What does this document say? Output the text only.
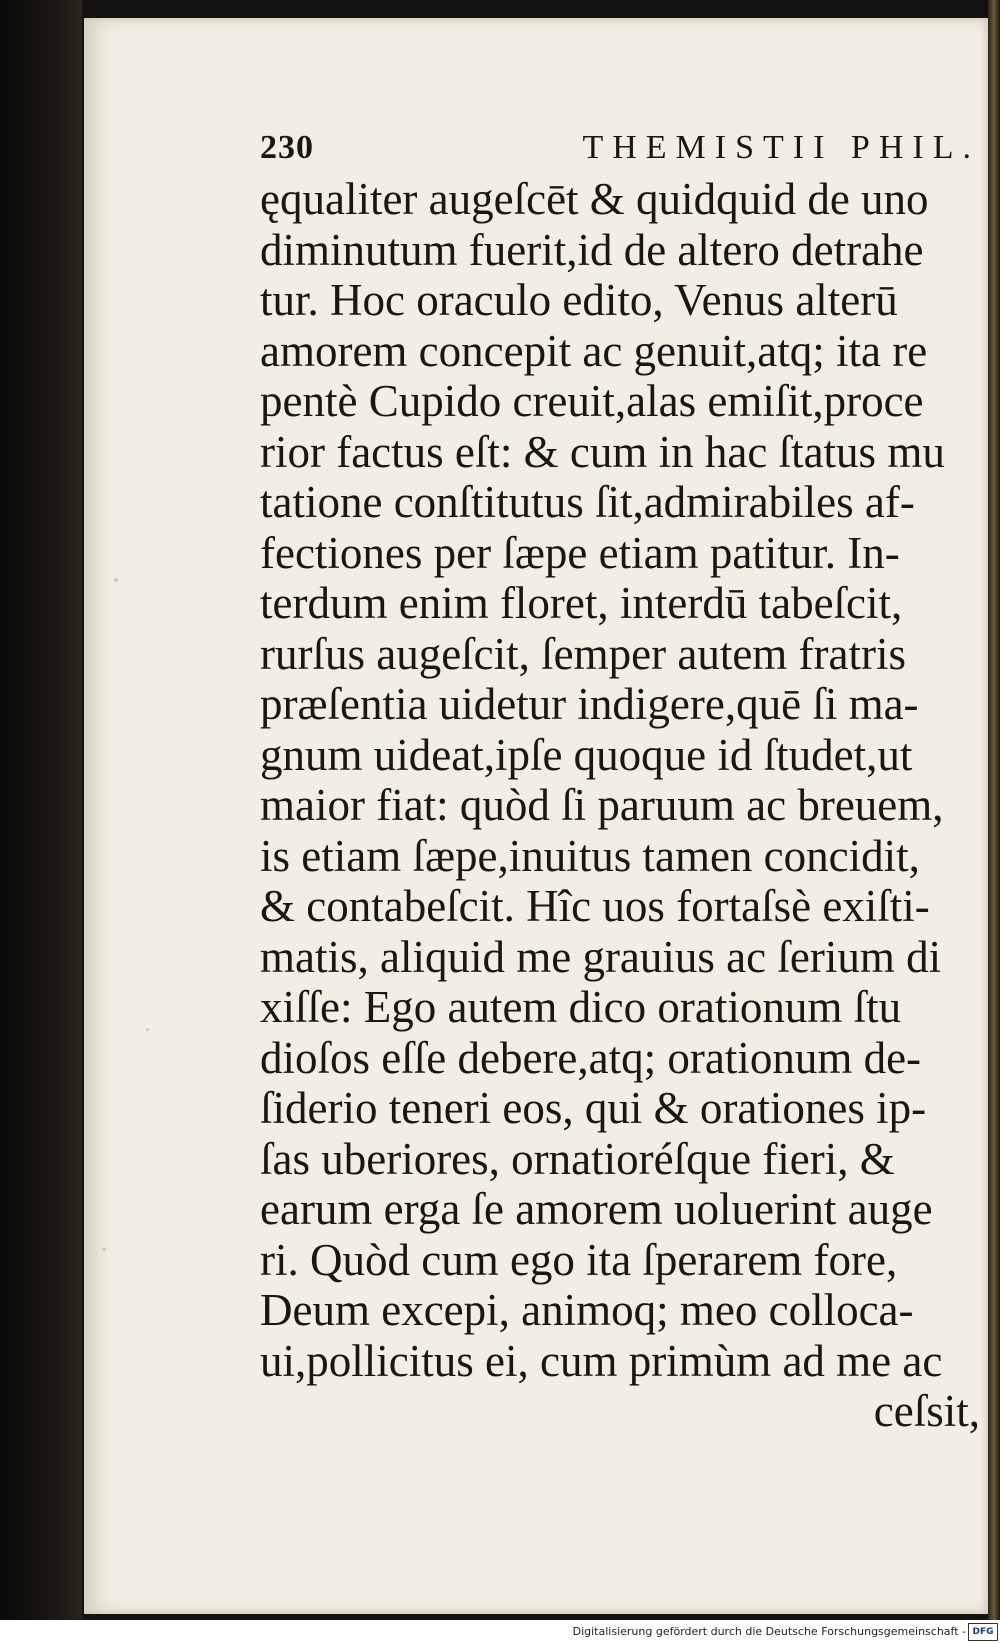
230	THEMISTII PHIL.
ęqualiter augeſcēt & quidquid de uno
diminutum fuerit,id de altero detrahe
tur. Hoc oraculo edito, Venus alterū
amorem concepit ac genuit,atq; ita re
pentè Cupido creuit,alas emiſit,proce
rior factus eſt: & cum in hac ſtatus mu
tatione conſtitutus ſit,admirabiles af-
fectiones per ſæpe etiam patitur. In-
terdum enim floret, interdū tabeſcit,
rurſus augeſcit, ſemper autem fratris
præſentia uidetur indigere,quē ſi ma-
gnum uideat,ipſe quoque id ſtudet,ut
maior fiat: quòd ſi paruum ac breuem,
is etiam ſæpe,inuitus tamen concidit,
& contabeſcit. Hîc uos fortaſsè exiſti-
matis, aliquid me grauius ac ſerium di
xiſſe: Ego autem dico orationum ſtu
dioſos eſſe debere,atq; orationum de-
ſiderio teneri eos, qui & orationes ip-
ſas uberiores, ornatioréſque fieri, &
earum erga ſe amorem uoluerint auge
ri. Quòd cum ego ita ſperarem fore,
Deum excepi, animoq; meo colloca-
ui,pollicitus ei, cum primùm ad me ac
ceſsit,
Digitalisierung gefördert durch die Deutsche Forschungsgemeinschaft - DFG
